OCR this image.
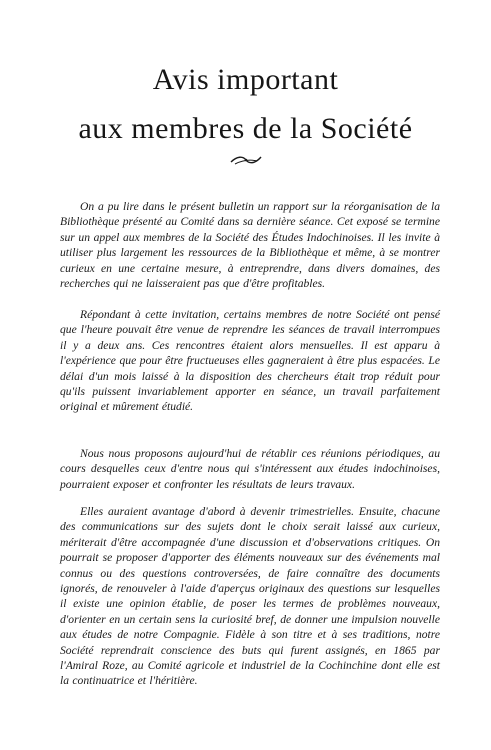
Avis important
aux membres de la Société

On a pu lire dans le présent bulletin un rapport sur la réorganisation de la Bibliothèque présenté au Comité dans sa dernière séance. Cet exposé se termine sur un appel aux membres de la Société des Études Indochinoises. Il les invite à utiliser plus largement les ressources de la Bibliothèque et même, à se montrer curieux en une certaine mesure, à entreprendre, dans divers domaines, des recherches qui ne laisseraient pas que d'être profitables.

Répondant à cette invitation, certains membres de notre Société ont pensé que l'heure pouvait être venue de reprendre les séances de travail interrompues il y a deux ans. Ces rencontres étaient alors mensuelles. Il est apparu à l'expérience que pour être fructueuses elles gagneraient à être plus espacées. Le délai d'un mois laissé à la disposition des chercheurs était trop réduit pour qu'ils puissent invariablement apporter en séance, un travail parfaitement original et mûrement étudié.

Nous nous proposons aujourd'hui de rétablir ces réunions périodiques, au cours desquelles ceux d'entre nous qui s'intéressent aux études indochinoises, pourraient exposer et confronter les résultats de leurs travaux.

Elles auraient avantage d'abord à devenir trimestrielles. Ensuite, chacune des communications sur des sujets dont le choix serait laissé aux curieux, mériterait d'être accompagnée d'une discussion et d'observations critiques. On pourrait se proposer d'apporter des éléments nouveaux sur des événements mal connus ou des questions controversées, de faire connaître des documents ignorés, de renouveler à l'aide d'aperçus originaux des questions sur lesquelles il existe une opinion établie, de poser les termes de problèmes nouveaux, d'orienter en un certain sens la curiosité bref, de donner une impulsion nouvelle aux études de notre Compagnie. Fidèle à son titre et à ses traditions, notre Société reprendrait conscience des buts qui furent assignés, en 1865 par l'Amiral Roze, au Comité agricole et industriel de la Cochinchine dont elle est la continuatrice et l'héritière.
